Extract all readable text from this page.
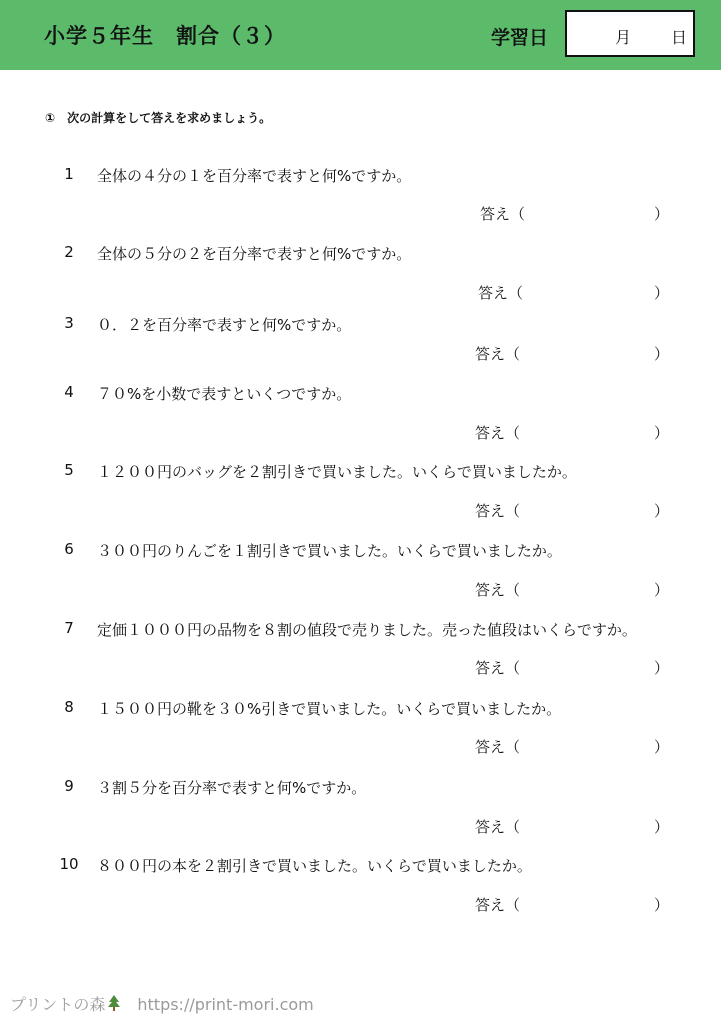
小学５年生　割合（３）	学習日	月 日
①　次の計算をして答えを求めましょう。
1	全体の４分の１を百分率で表すと何%ですか。
答え（	）
2	全体の５分の２を百分率で表すと何%ですか。
答え（	）
3	０．２を百分率で表すと何%ですか。
答え（	）
4	７０%を小数で表すといくつですか。
答え（	）
5	１２００円のバッグを２割引きで買いました。いくらで買いましたか。
答え（	）
6	３００円のりんごを１割引きで買いました。いくらで買いましたか。
答え（	）
7	定価１０００円の品物を８割の値段で売りました。売った値段はいくらですか。
答え（	）
8	１５００円の靴を３０%引きで買いました。いくらで買いましたか。
答え（	）
9	３割５分を百分率で表すと何%ですか。
答え（	）
10	８００円の本を２割引きで買いました。いくらで買いましたか。
答え（	）
プリントの森 https://print-mori.com
